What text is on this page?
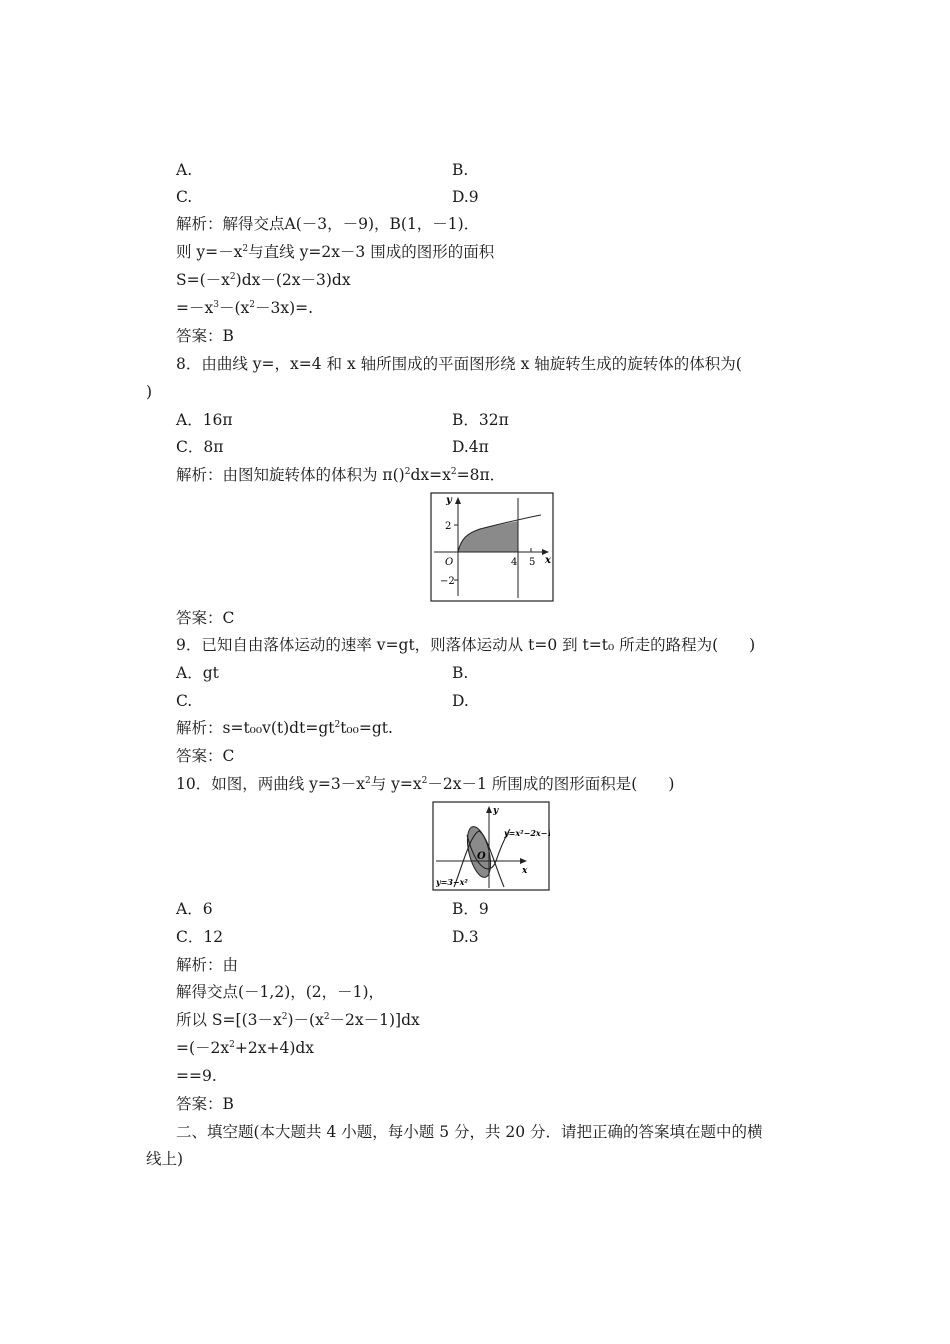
A.	B.
C.	D.9
解析：解得交点A(－3，－9)，B(1，－1)．
则 $y=-x^2$与直线 y=2x－3 围成的图形的面积
$S=(-x^2)dx-(2x-3)dx$
$=-x^3-(x^2-3x)=$.
答案：B
8．由曲线 y=，x=4 和 x 轴所围成的平面图形绕 x 轴旋转生成的旋转体的体积为(
)
A．16π	B．32π
C．8π	D.4π
解析：由图知旋转体的体积为 $\pi()^2dx=x^2=8\pi$．
y
x
O
2
−2
4 5
答案：C
9．已知自由落体运动的速率 v=gt，则落体运动从 t=0 到 t=t₀ 所走的路程为(　　)
A．gt	B.
C.	D.
解析：$s=t_{00}v(t)dt=gt^2t_{00}=gt$.
答案：C
10．如图，两曲线 $y=3-x^2$与 $y=x^2-2x-1$ 所围成的图形面积是(　　)
y
x
O
y=x²−2x−1
y=3−x²
A．6	B．9
C．12	D.3
解析：由
解得交点(－1,2)，(2，－1)，
所以 $S=[(3-x^2)-(x^2-2x-1)]dx$
$=(-2x^2+2x+4)dx$
==9.
答案：B
二、填空题(本大题共 4 小题，每小题 5 分，共 20 分．请把正确的答案填在题中的横
线上)
